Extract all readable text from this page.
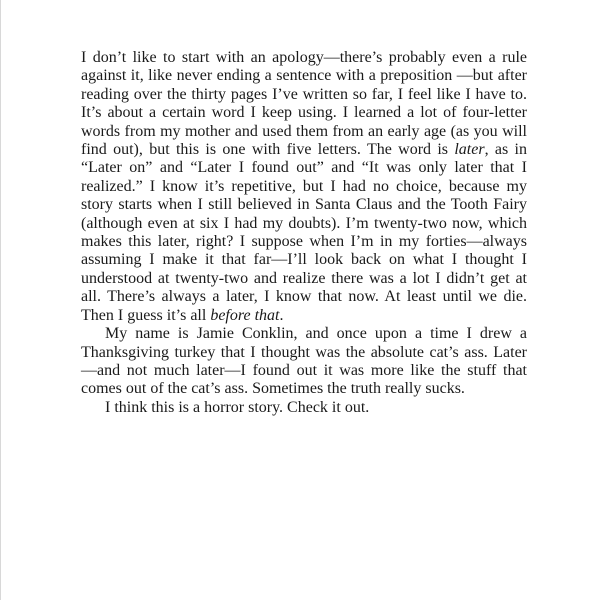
I don’t like to start with an apology—there’s probably even a rule
against it, like never ending a sentence with a preposition —but after
reading over the thirty pages I’ve written so far, I feel like I have to.
It’s about a certain word I keep using. I learned a lot of four-letter
words from my mother and used them from an early age (as you will
find out), but this is one with five letters. The word is later, as in
“Later on” and “Later I found out” and “It was only later that I
realized.” I know it’s repetitive, but I had no choice, because my
story starts when I still believed in Santa Claus and the Tooth Fairy
(although even at six I had my doubts). I’m twenty-two now, which
makes this later, right? I suppose when I’m in my forties—always
assuming I make it that far—I’ll look back on what I thought I
understood at twenty-two and realize there was a lot I didn’t get at
all. There’s always a later, I know that now. At least until we die.
Then I guess it’s all before that.
My name is Jamie Conklin, and once upon a time I drew a
Thanksgiving turkey that I thought was the absolute cat’s ass. Later
—and not much later—I found out it was more like the stuff that
comes out of the cat’s ass. Sometimes the truth really sucks.
I think this is a horror story. Check it out.
